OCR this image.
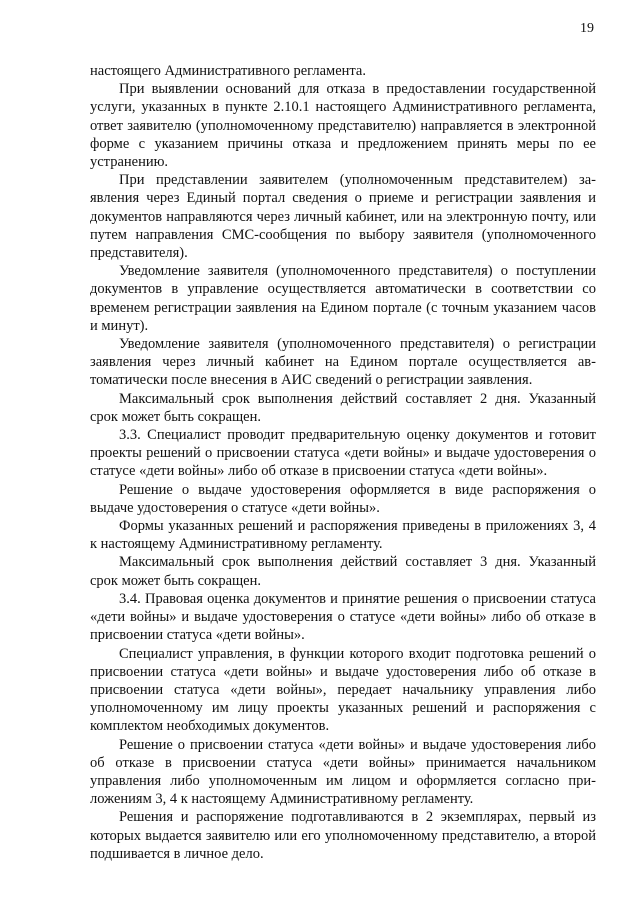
19

настоящего Административного регламента.

При выявлении оснований для отказа в предоставлении государственной услуги, указанных в пункте 2.10.1 настоящего Административного регламента, ответ заявителю (уполномоченному представителю) направляется в электронной форме с указанием причины отказа и предложением принять меры по ее устранению.

При представлении заявителем (уполномоченным представителем) заявления через Единый портал сведения о приеме и регистрации заявления и документов направляются через личный кабинет, или на электронную почту, или путем направления СМС-сообщения по выбору заявителя (уполномоченного представителя).

Уведомление заявителя (уполномоченного представителя) о поступлении документов в управление осуществляется автоматически в соответствии со временем регистрации заявления на Едином портале (с точным указанием часов и минут).

Уведомление заявителя (уполномоченного представителя) о регистрации заявления через личный кабинет на Едином портале осуществляется автоматически после внесения в АИС сведений о регистрации заявления.

Максимальный срок выполнения действий составляет 2 дня. Указанный срок может быть сокращен.

3.3. Специалист проводит предварительную оценку документов и готовит проекты решений о присвоении статуса «дети войны» и выдаче удостоверения о статусе «дети войны» либо об отказе в присвоении статуса «дети войны».

Решение о выдаче удостоверения оформляется в виде распоряжения о выдаче удостоверения о статусе «дети войны».

Формы указанных решений и распоряжения приведены в приложениях 3, 4 к настоящему Административному регламенту.

Максимальный срок выполнения действий составляет 3 дня. Указанный срок может быть сокращен.

3.4. Правовая оценка документов и принятие решения о присвоении статуса «дети войны» и выдаче удостоверения о статусе «дети войны» либо об отказе в присвоении статуса «дети войны».

Специалист управления, в функции которого входит подготовка решений о присвоении статуса «дети войны» и выдаче удостоверения либо об отказе в присвоении статуса «дети войны», передает начальнику управления либо уполномоченному им лицу проекты указанных решений и распоряжения с комплектом необходимых документов.

Решение о присвоении статуса «дети войны» и выдаче удостоверения либо об отказе в присвоении статуса «дети войны» принимается начальником управления либо уполномоченным им лицом и оформляется согласно приложениям 3, 4 к настоящему Административному регламенту.

Решения и распоряжение подготавливаются в 2 экземплярах, первый из которых выдается заявителю или его уполномоченному представителю, а второй подшивается в личное дело.
